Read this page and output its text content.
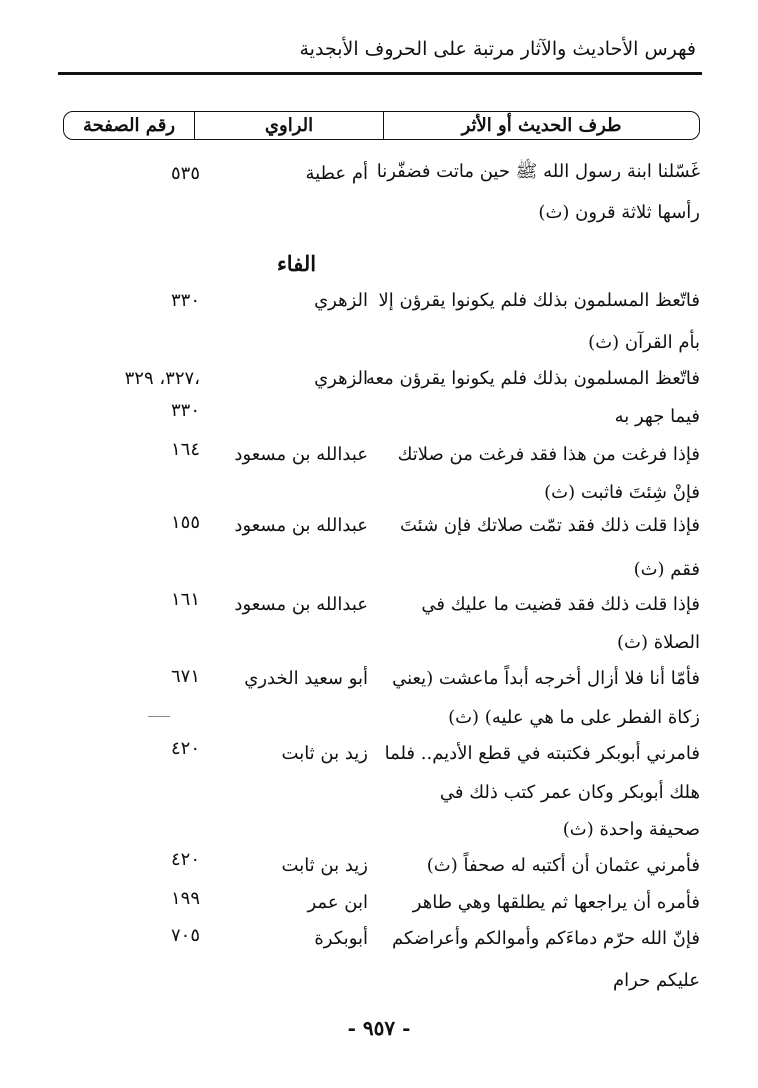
فهرس الأحاديث والآثار مرتبة على الحروف الأبجدية
طرف الحديث أو الأثر
الراوي
رقم الصفحة
غَسّلنا ابنة رسول الله ﷺ حين ماتت فضفّرنا
أم عطية
٥٣٥
رأسها ثلاثة قرون (ث)
الفاء
فاتّعظ المسلمون بذلك فلم يكونوا يقرؤن إلا
الزهري
٣٣٠
بأم القرآن (ث)
فاتّعظ المسلمون بذلك فلم يكونوا يقرؤن معه
الزهري
٣٢٧، ٣٢٩،
فيما جهر به
٣٣٠
فإذا فرغت من هذا فقد فرغت من صلاتك
عبدالله بن مسعود
١٦٤
فإنْ شِئتَ فاثبت (ث)
فإذا قلت ذلك فقد تمّت صلاتك فإن شئتَ
عبدالله بن مسعود
١٥٥
فقم (ث)
فإذا قلت ذلك فقد قضيت ما عليك في
عبدالله بن مسعود
١٦١
الصلاة (ث)
فأمّا أنا فلا أزال أخرجه أبداً ماعشت (يعني
أبو سعيد الخدري
٦٧١
زكاة الفطر على ما هي عليه) (ث)
فامرني أبوبكر فكتبته في قطع الأديم.. فلما
زيد بن ثابت
٤٢٠
هلك أبوبكر وكان عمر كتب ذلك في
صحيفة واحدة (ث)
فأمرني عثمان أن أكتبه له صحفاً (ث)
زيد بن ثابت
٤٢٠
فأمره أن يراجعها ثم يطلقها وهي طاهر
ابن عمر
١٩٩
فإنّ الله حرّم دماءَكم وأموالكم وأعراضكم
أبوبكرة
٧٠٥
عليكم حرام
- ٩٥٧ -
